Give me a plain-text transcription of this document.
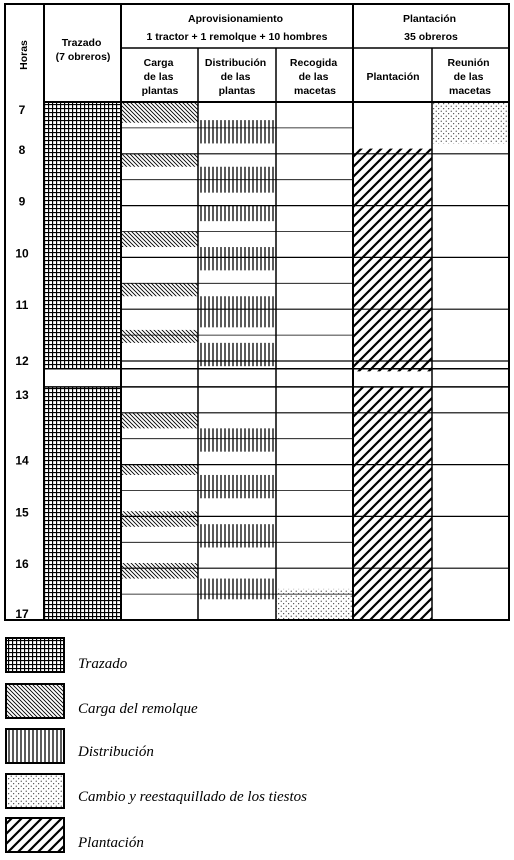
Horas	Trazado (7 obreros)
Aprovisionamiento 1 tractor + 1 remolque + 10 hombres
Plantación 35 obreros
Carga de las plantas
Distribución de las plantas
Recogida de las macetas
Plantación
Reunión de las macetas
7
8
9
10
11
12
13
14
15
16
17
Trazado
Carga del remolque
Distribución
Cambio y reestaquillado de los tiestos
Plantación
